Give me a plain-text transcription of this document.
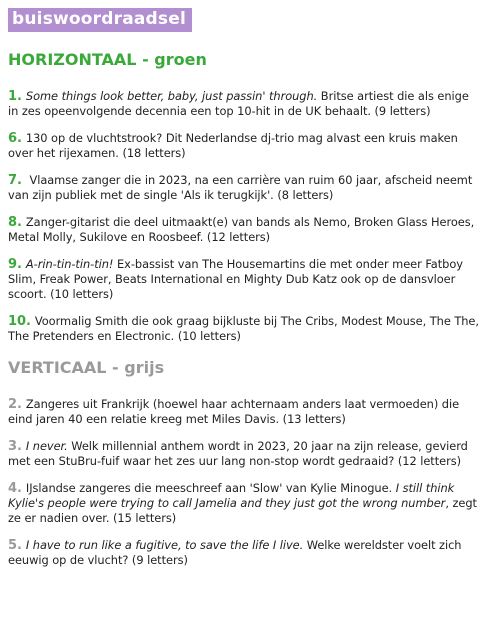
buiswoordraadsel
HORIZONTAAL - groen
1. Some things look better, baby, just passin' through. Britse artiest die als enige in zes opeenvolgende decennia een top 10-hit in de UK behaalt. (9 letters)
6. 130 op de vluchtstrook? Dit Nederlandse dj-trio mag alvast een kruis maken over het rijexamen. (18 letters)
7. Vlaamse zanger die in 2023, na een carrière van ruim 60 jaar, afscheid neemt van zijn publiek met de single 'Als ik terugkijk'. (8 letters)
8. Zanger-gitarist die deel uitmaakt(e) van bands als Nemo, Broken Glass Heroes, Metal Molly, Sukilove en Roosbeef. (12 letters)
9. A-rin-tin-tin-tin! Ex-bassist van The Housemartins die met onder meer Fatboy Slim, Freak Power, Beats International en Mighty Dub Katz ook op de dansvloer scoort. (10 letters)
10. Voormalig Smith die ook graag bijkluste bij The Cribs, Modest Mouse, The The, The Pretenders en Electronic. (10 letters)
VERTICAAL - grijs
2. Zangeres uit Frankrijk (hoewel haar achternaam anders laat vermoeden) die eind jaren 40 een relatie kreeg met Miles Davis. (13 letters)
3. I never. Welk millennial anthem wordt in 2023, 20 jaar na zijn release, gevierd met een StuBru-fuif waar het zes uur lang non-stop wordt gedraaid? (12 letters)
4. IJslandse zangeres die meeschreef aan 'Slow' van Kylie Minogue. I still think Kylie's people were trying to call Jamelia and they just got the wrong number, zegt ze er nadien over. (15 letters)
5. I have to run like a fugitive, to save the life I live. Welke wereldster voelt zich eeuwig op de vlucht? (9 letters)
